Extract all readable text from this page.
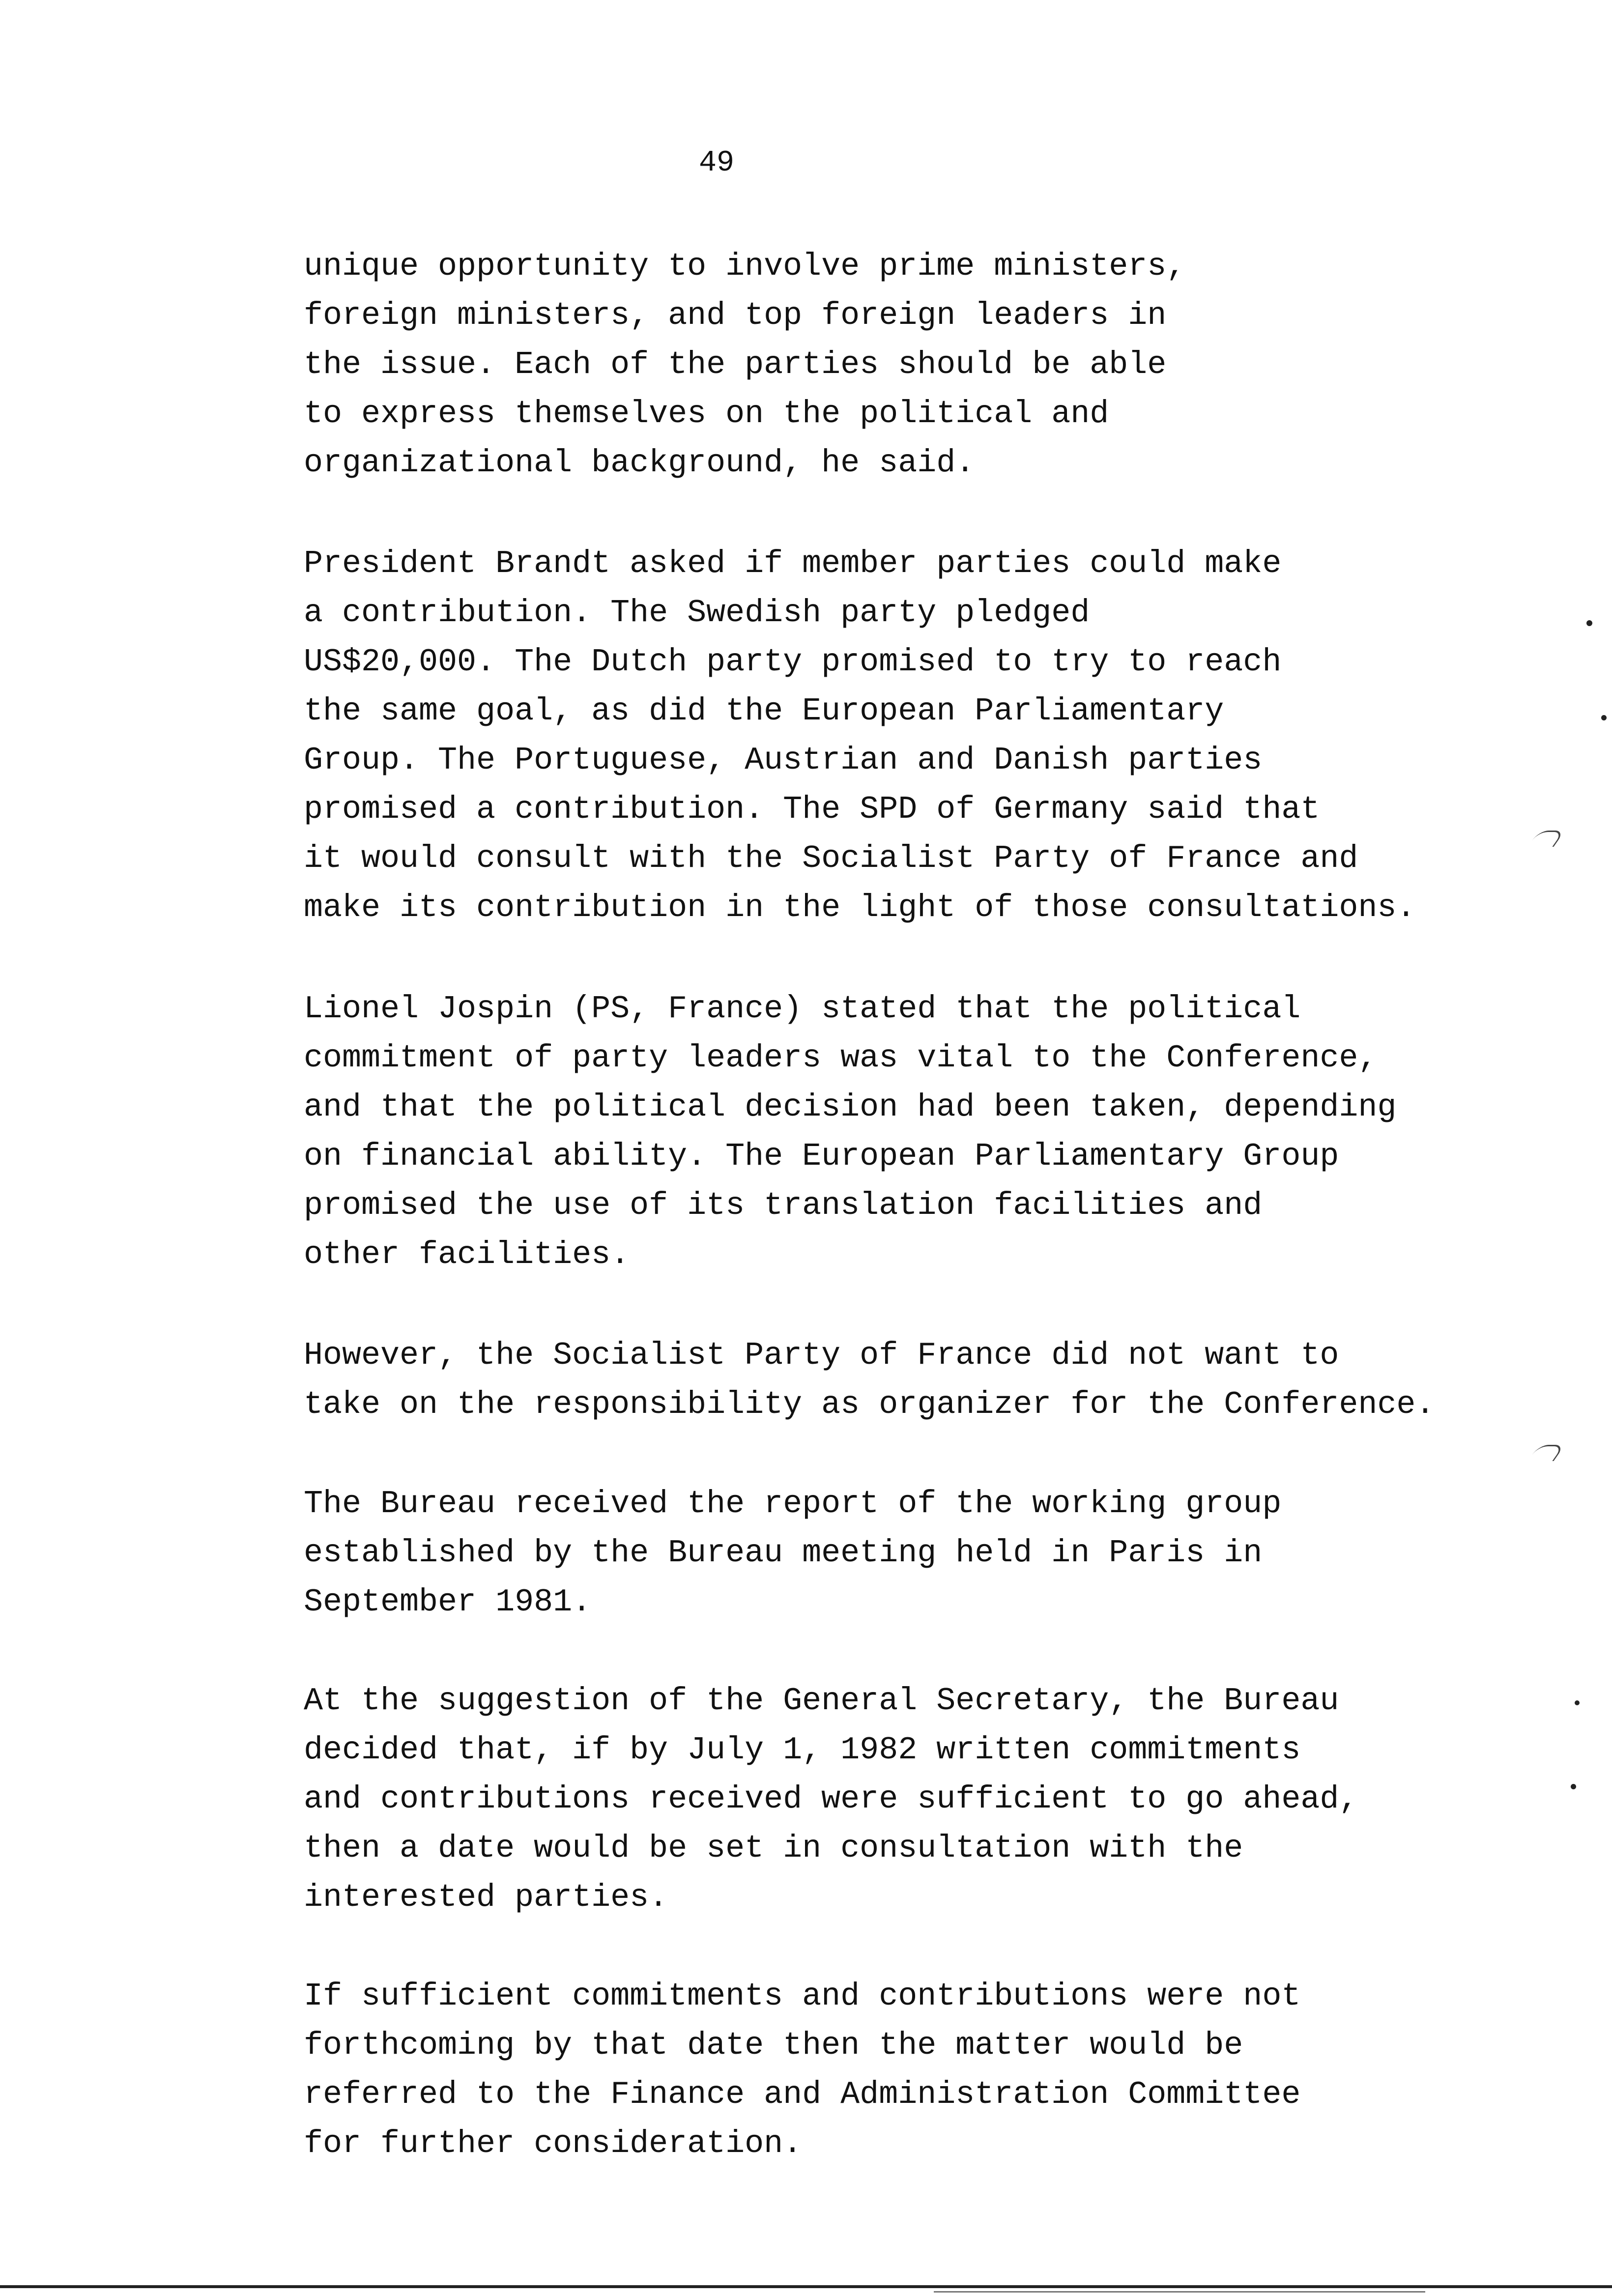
49
unique opportunity to involve prime ministers,
foreign ministers, and top foreign leaders in
the issue. Each of the parties should be able
to express themselves on the political and
organizational background, he said.
President Brandt asked if member parties could make
a contribution. The Swedish party pledged
US$20,000. The Dutch party promised to try to reach
the same goal, as did the European Parliamentary
Group. The Portuguese, Austrian and Danish parties
promised a contribution. The SPD of Germany said that
it would consult with the Socialist Party of France and
make its contribution in the light of those consultations.
Lionel Jospin (PS, France) stated that the political
commitment of party leaders was vital to the Conference,
and that the political decision had been taken, depending
on financial ability. The European Parliamentary Group
promised the use of its translation facilities and
other facilities.
However, the Socialist Party of France did not want to
take on the responsibility as organizer for the Conference.
The Bureau received the report of the working group
established by the Bureau meeting held in Paris in
September 1981.
At the suggestion of the General Secretary, the Bureau
decided that, if by July 1, 1982 written commitments
and contributions received were sufficient to go ahead,
then a date would be set in consultation with the
interested parties.
If sufficient commitments and contributions were not
forthcoming by that date then the matter would be
referred to the Finance and Administration Committee
for further consideration.
